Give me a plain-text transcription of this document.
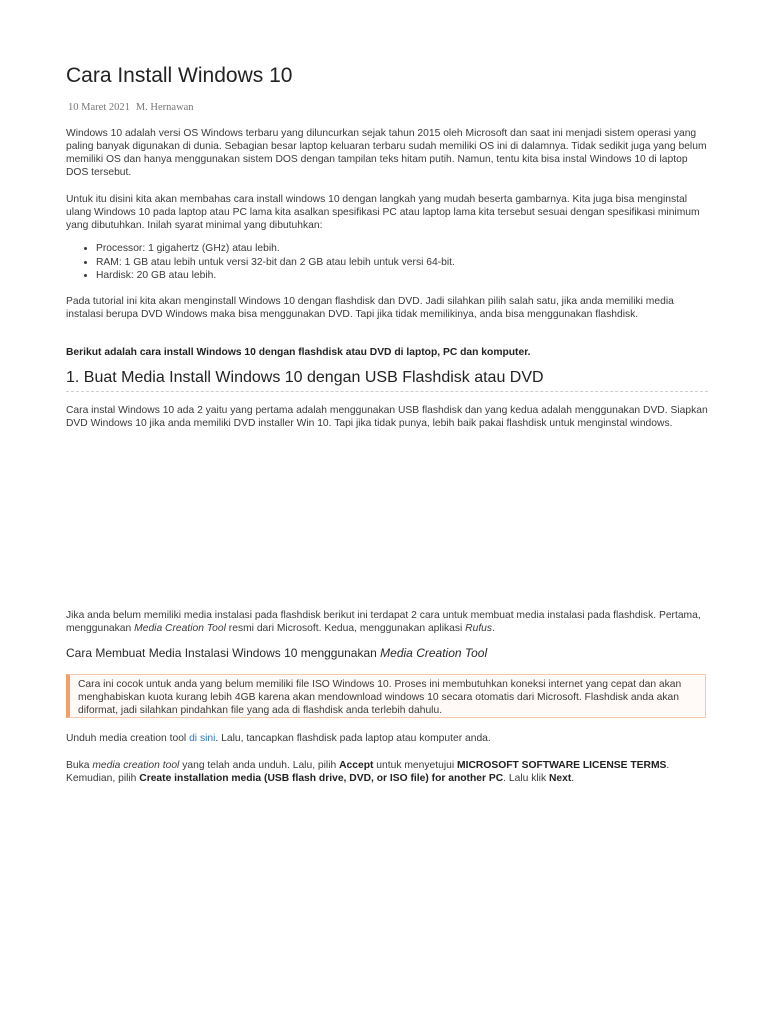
Cara Install Windows 10
10 Maret 2021 M. Hernawan

Windows 10 adalah versi OS Windows terbaru yang diluncurkan sejak tahun 2015 oleh Microsoft dan saat ini menjadi sistem operasi yang paling banyak digunakan di dunia. Sebagian besar laptop keluaran terbaru sudah memiliki OS ini di dalamnya. Tidak sedikit juga yang belum memiliki OS dan hanya menggunakan sistem DOS dengan tampilan teks hitam putih. Namun, tentu kita bisa instal Windows 10 di laptop DOS tersebut.

Untuk itu disini kita akan membahas cara install windows 10 dengan langkah yang mudah beserta gambarnya. Kita juga bisa menginstal ulang Windows 10 pada laptop atau PC lama kita asalkan spesifikasi PC atau laptop lama kita tersebut sesuai dengan spesifikasi minimum yang dibutuhkan. Inilah syarat minimal yang dibutuhkan:

• Processor: 1 gigahertz (GHz) atau lebih.
• RAM: 1 GB atau lebih untuk versi 32-bit dan 2 GB atau lebih untuk versi 64-bit.
• Hardisk: 20 GB atau lebih.

Pada tutorial ini kita akan menginstall Windows 10 dengan flashdisk dan DVD. Jadi silahkan pilih salah satu, jika anda memiliki media instalasi berupa DVD Windows maka bisa menggunakan DVD. Tapi jika tidak memilikinya, anda bisa menggunakan flashdisk.

Berikut adalah cara install Windows 10 dengan flashdisk atau DVD di laptop, PC dan komputer.

1. Buat Media Install Windows 10 dengan USB Flashdisk atau DVD

Cara instal Windows 10 ada 2 yaitu yang pertama adalah menggunakan USB flashdisk dan yang kedua adalah menggunakan DVD. Siapkan DVD Windows 10 jika anda memiliki DVD installer Win 10. Tapi jika tidak punya, lebih baik pakai flashdisk untuk menginstal windows.

Jika anda belum memiliki media instalasi pada flashdisk berikut ini terdapat 2 cara untuk membuat media instalasi pada flashdisk. Pertama, menggunakan Media Creation Tool resmi dari Microsoft. Kedua, menggunakan aplikasi Rufus.

Cara Membuat Media Instalasi Windows 10 menggunakan Media Creation Tool

Cara ini cocok untuk anda yang belum memiliki file ISO Windows 10. Proses ini membutuhkan koneksi internet yang cepat dan akan menghabiskan kuota kurang lebih 4GB karena akan mendownload windows 10 secara otomatis dari Microsoft. Flashdisk anda akan diformat, jadi silahkan pindahkan file yang ada di flashdisk anda terlebih dahulu.

Unduh media creation tool di sini. Lalu, tancapkan flashdisk pada laptop atau komputer anda.

Buka media creation tool yang telah anda unduh. Lalu, pilih Accept untuk menyetujui MICROSOFT SOFTWARE LICENSE TERMS. Kemudian, pilih Create installation media (USB flash drive, DVD, or ISO file) for another PC. Lalu klik Next.
